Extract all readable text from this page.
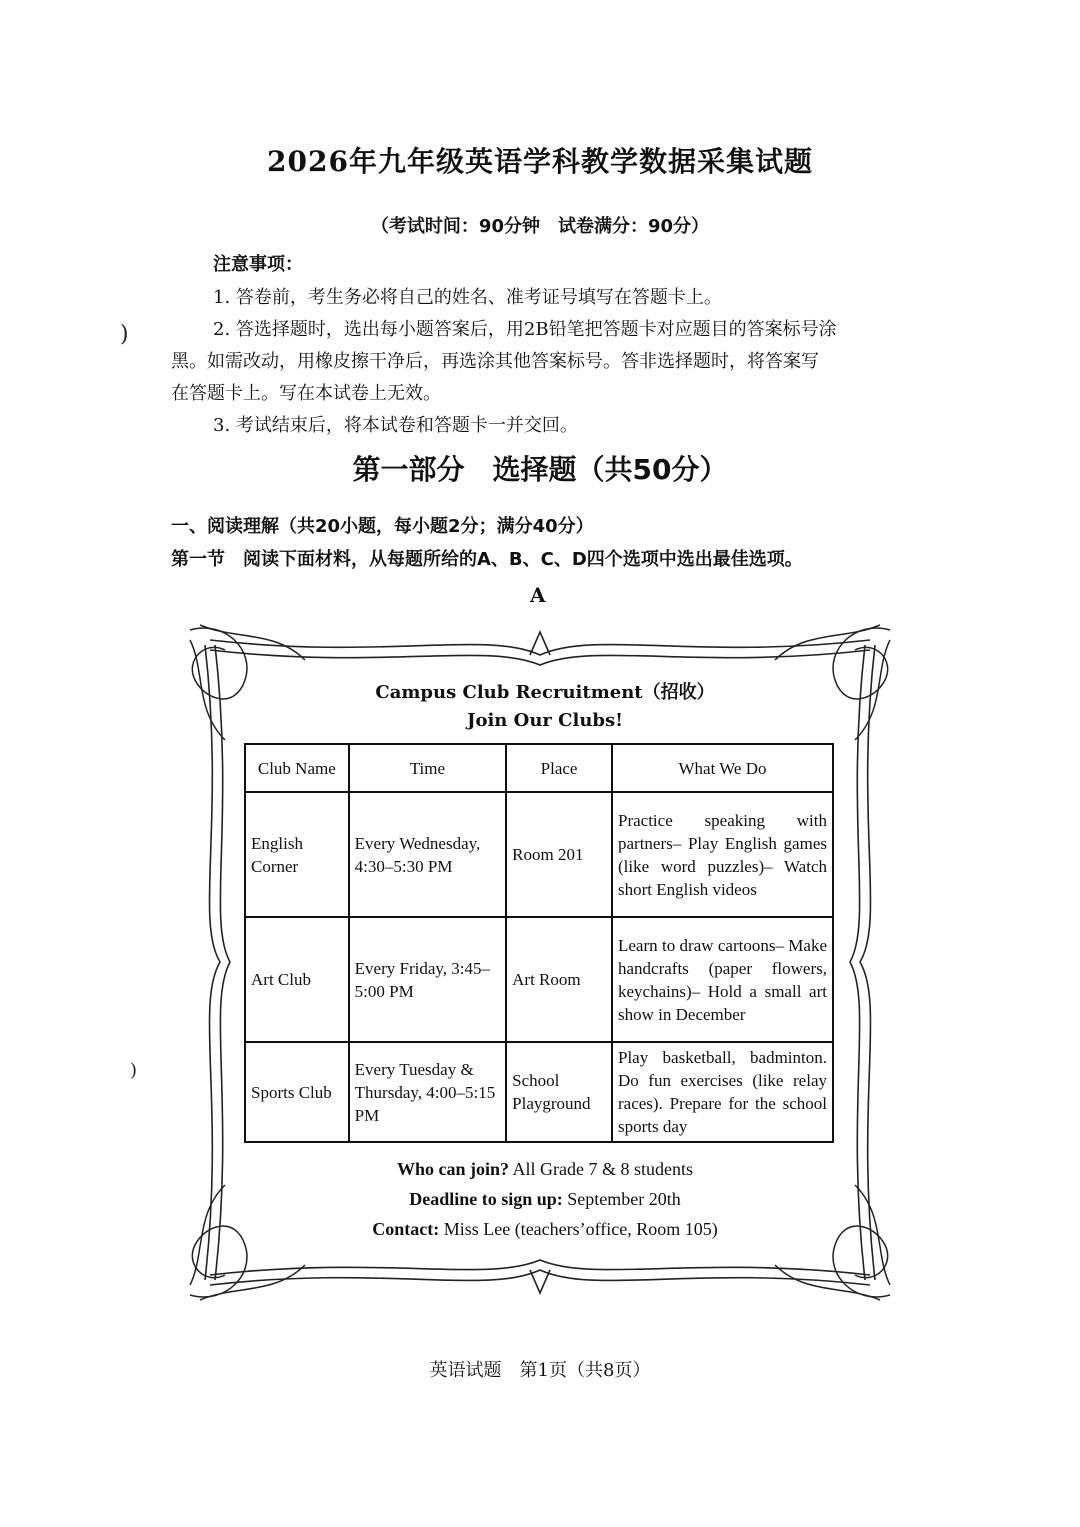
2026年九年级英语学科教学数据采集试题
（考试时间：90分钟　试卷满分：90分）
注意事项：
1. 答卷前，考生务必将自己的姓名、准考证号填写在答题卡上。
2. 答选择题时，选出每小题答案后，用2B铅笔把答题卡对应题目的答案标号涂
黑。如需改动，用橡皮擦干净后，再选涂其他答案标号。答非选择题时，将答案写
在答题卡上。写在本试卷上无效。
3. 考试结束后，将本试卷和答题卡一并交回。
)
)
第一部分　选择题（共50分）
一、阅读理解（共20小题，每小题2分；满分40分）
第一节　阅读下面材料，从每题所给的A、B、C、D四个选项中选出最佳选项。
A
Campus Club Recruitment（招收）
Join Our Clubs!
Club Name	Time	Place	What We Do
English Corner	Every Wednesday, 4:30–5:30 PM	Room 201	Practice speaking with partners– Play English games (like word puzzles)– Watch short English videos
Art Club	Every Friday, 3:45–5:00 PM	Art Room	Learn to draw cartoons– Make handcrafts (paper flowers, keychains)– Hold a small art show in December
Sports Club	Every Tuesday & Thursday, 4:00–5:15 PM	School Playground	Play basketball, badminton. Do fun exercises (like relay races). Prepare for the school sports day
Who can join? All Grade 7 & 8 students
Deadline to sign up: September 20th
Contact: Miss Lee (teachers’office, Room 105)
英语试题　第1页（共8页）
